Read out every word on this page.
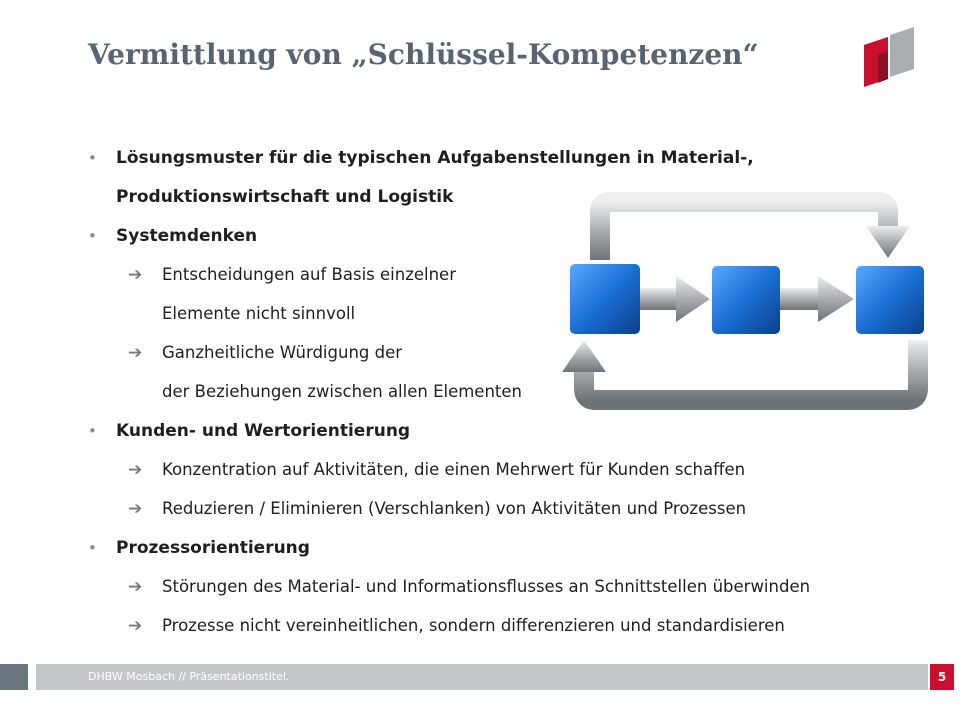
Vermittlung von „Schlüssel-Kompetenzen“
• Lösungsmuster für die typischen Aufgabenstellungen in Material-,
Produktionswirtschaft und Logistik
• Systemdenken
➔ Entscheidungen auf Basis einzelner
Elemente nicht sinnvoll
➔ Ganzheitliche Würdigung der
der Beziehungen zwischen allen Elementen
• Kunden- und Wertorientierung
➔ Konzentration auf Aktivitäten, die einen Mehrwert für Kunden schaffen
➔ Reduzieren / Eliminieren (Verschlanken) von Aktivitäten und Prozessen
• Prozessorientierung
➔ Störungen des Material- und Informationsflusses an Schnittstellen überwinden
➔ Prozesse nicht vereinheitlichen, sondern differenzieren und standardisieren
DHBW Mosbach // Präsentationstitel.	5
